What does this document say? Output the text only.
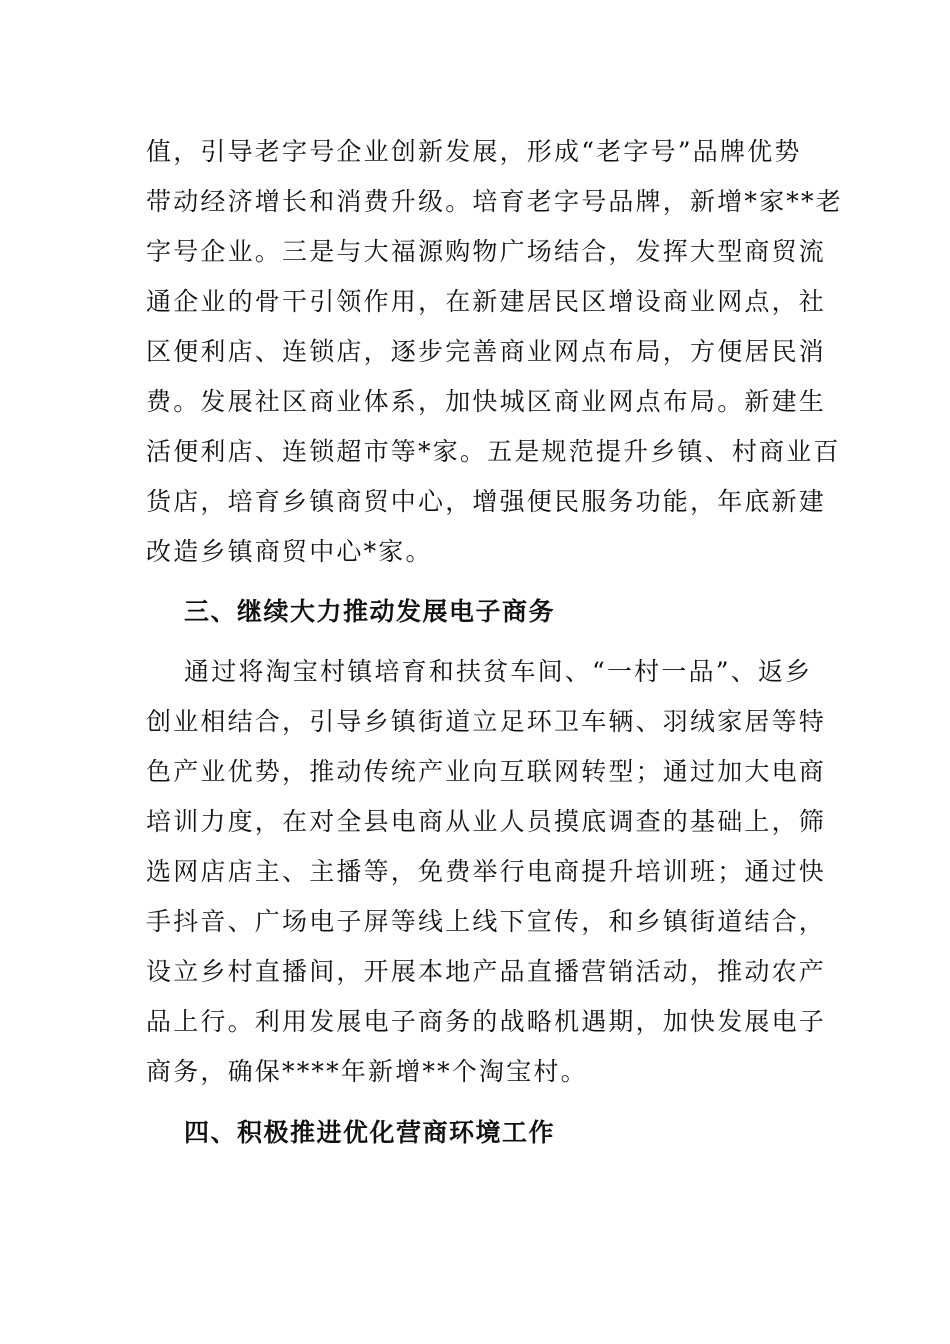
值，引导老字号企业创新发展，形成“老字号”品牌优势
带动经济增长和消费升级。培育老字号品牌，新增*家**老
字号企业。三是与大福源购物广场结合，发挥大型商贸流
通企业的骨干引领作用，在新建居民区增设商业网点，社
区便利店、连锁店，逐步完善商业网点布局，方便居民消
费。发展社区商业体系，加快城区商业网点布局。新建生
活便利店、连锁超市等*家。五是规范提升乡镇、村商业百
货店，培育乡镇商贸中心，增强便民服务功能，年底新建
改造乡镇商贸中心*家。
三、继续大力推动发展电子商务
通过将淘宝村镇培育和扶贫车间、“一村一品”、返乡
创业相结合，引导乡镇街道立足环卫车辆、羽绒家居等特
色产业优势，推动传统产业向互联网转型；通过加大电商
培训力度，在对全县电商从业人员摸底调查的基础上，筛
选网店店主、主播等，免费举行电商提升培训班；通过快
手抖音、广场电子屏等线上线下宣传，和乡镇街道结合，
设立乡村直播间，开展本地产品直播营销活动，推动农产
品上行。利用发展电子商务的战略机遇期，加快发展电子
商务，确保****年新增**个淘宝村。
四、积极推进优化营商环境工作
